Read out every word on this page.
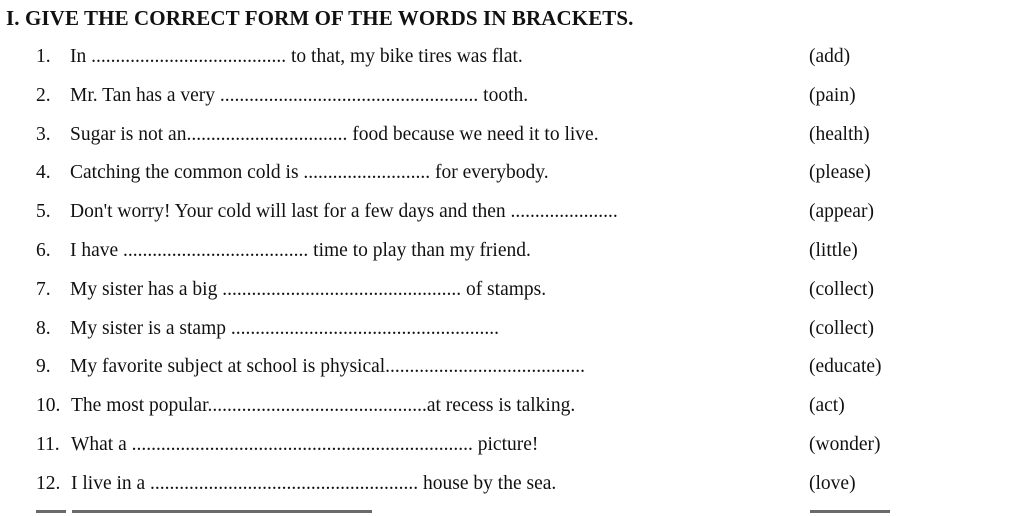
I. GIVE THE CORRECT FORM OF THE WORDS IN BRACKETS.
1. In ........................................ to that, my bike tires was flat.	(add)
2. Mr. Tan has a very ..................................................... tooth.	(pain)
3. Sugar is not an................................. food because we need it to live.	(health)
4. Catching the common cold is .......................... for everybody.	(please)
5. Don't worry! Your cold will last for a few days and then ......................	(appear)
6. I have ...................................... time to play than my friend.	(little)
7. My sister has a big ................................................. of stamps.	(collect)
8. My sister is a stamp .......................................................	(collect)
9. My favorite subject at school is physical.........................................	(educate)
10. The most popular.............................................at recess is talking.	(act)
11. What a ...................................................................... picture!	(wonder)
12. I live in a ....................................................... house by the sea.	(love)
